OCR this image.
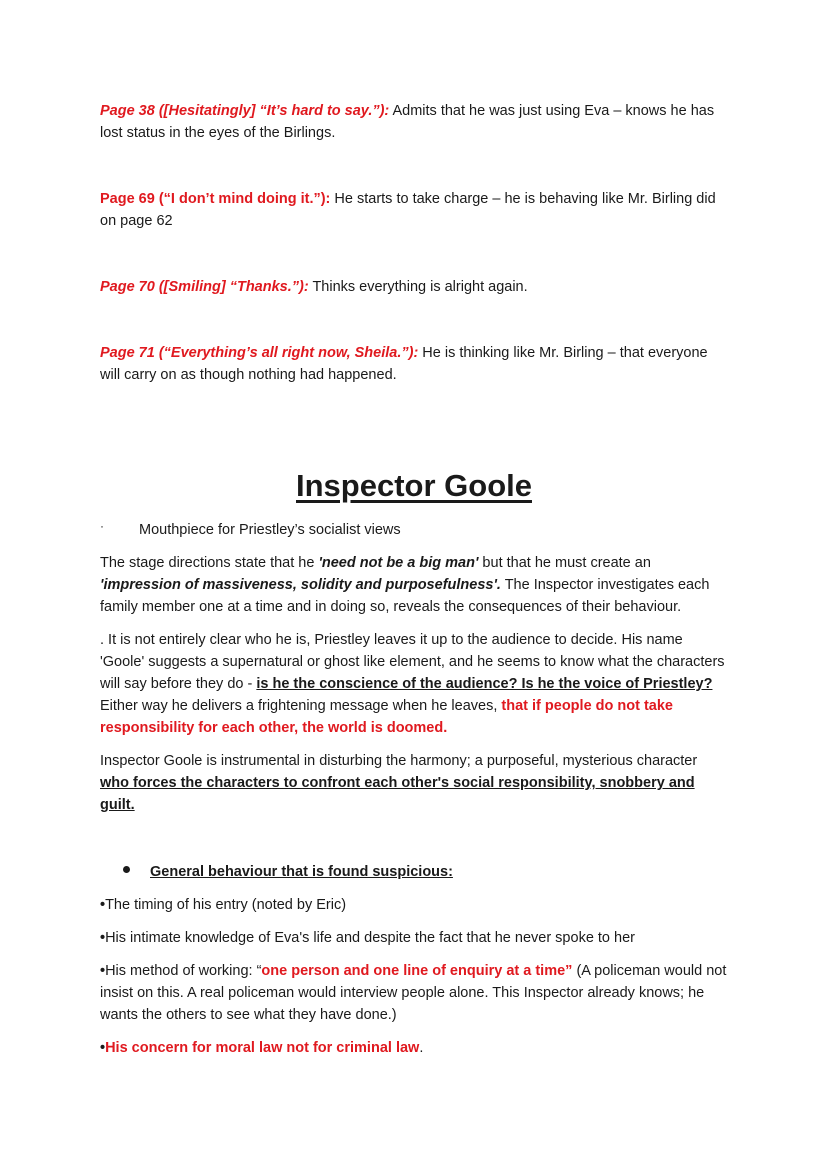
Page 38 ([Hesitatingly] “It’s hard to say.”): Admits that he was just using Eva – knows he has lost status in the eyes of the Birlings.

Page 69 (“I don’t mind doing it.”): He starts to take charge – he is behaving like Mr. Birling did on page 62

Page 70 ([Smiling] “Thanks.”): Thinks everything is alright again.

Page 71 (“Everything’s all right now, Sheila.”): He is thinking like Mr. Birling – that everyone will carry on as though nothing had happened.

Inspector Goole
· Mouthpiece for Priestley’s socialist views

The stage directions state that he 'need not be a big man' but that he must create an 'impression of massiveness, solidity and purposefulness'. The Inspector investigates each family member one at a time and in doing so, reveals the consequences of their behaviour.

. It is not entirely clear who he is, Priestley leaves it up to the audience to decide. His name 'Goole' suggests a supernatural or ghost like element, and he seems to know what the characters will say before they do - is he the conscience of the audience? Is he the voice of Priestley? Either way he delivers a frightening message when he leaves, that if people do not take responsibility for each other, the world is doomed.

Inspector Goole is instrumental in disturbing the harmony; a purposeful, mysterious character who forces the characters to confront each other's social responsibility, snobbery and guilt.

General behaviour that is found suspicious:

•The timing of his entry (noted by Eric)

•His intimate knowledge of Eva's life and despite the fact that he never spoke to her

•His method of working: “one person and one line of enquiry at a time” (A policeman would not insist on this. A real policeman would interview people alone. This Inspector already knows; he wants the others to see what they have done.)

•His concern for moral law not for criminal law.
